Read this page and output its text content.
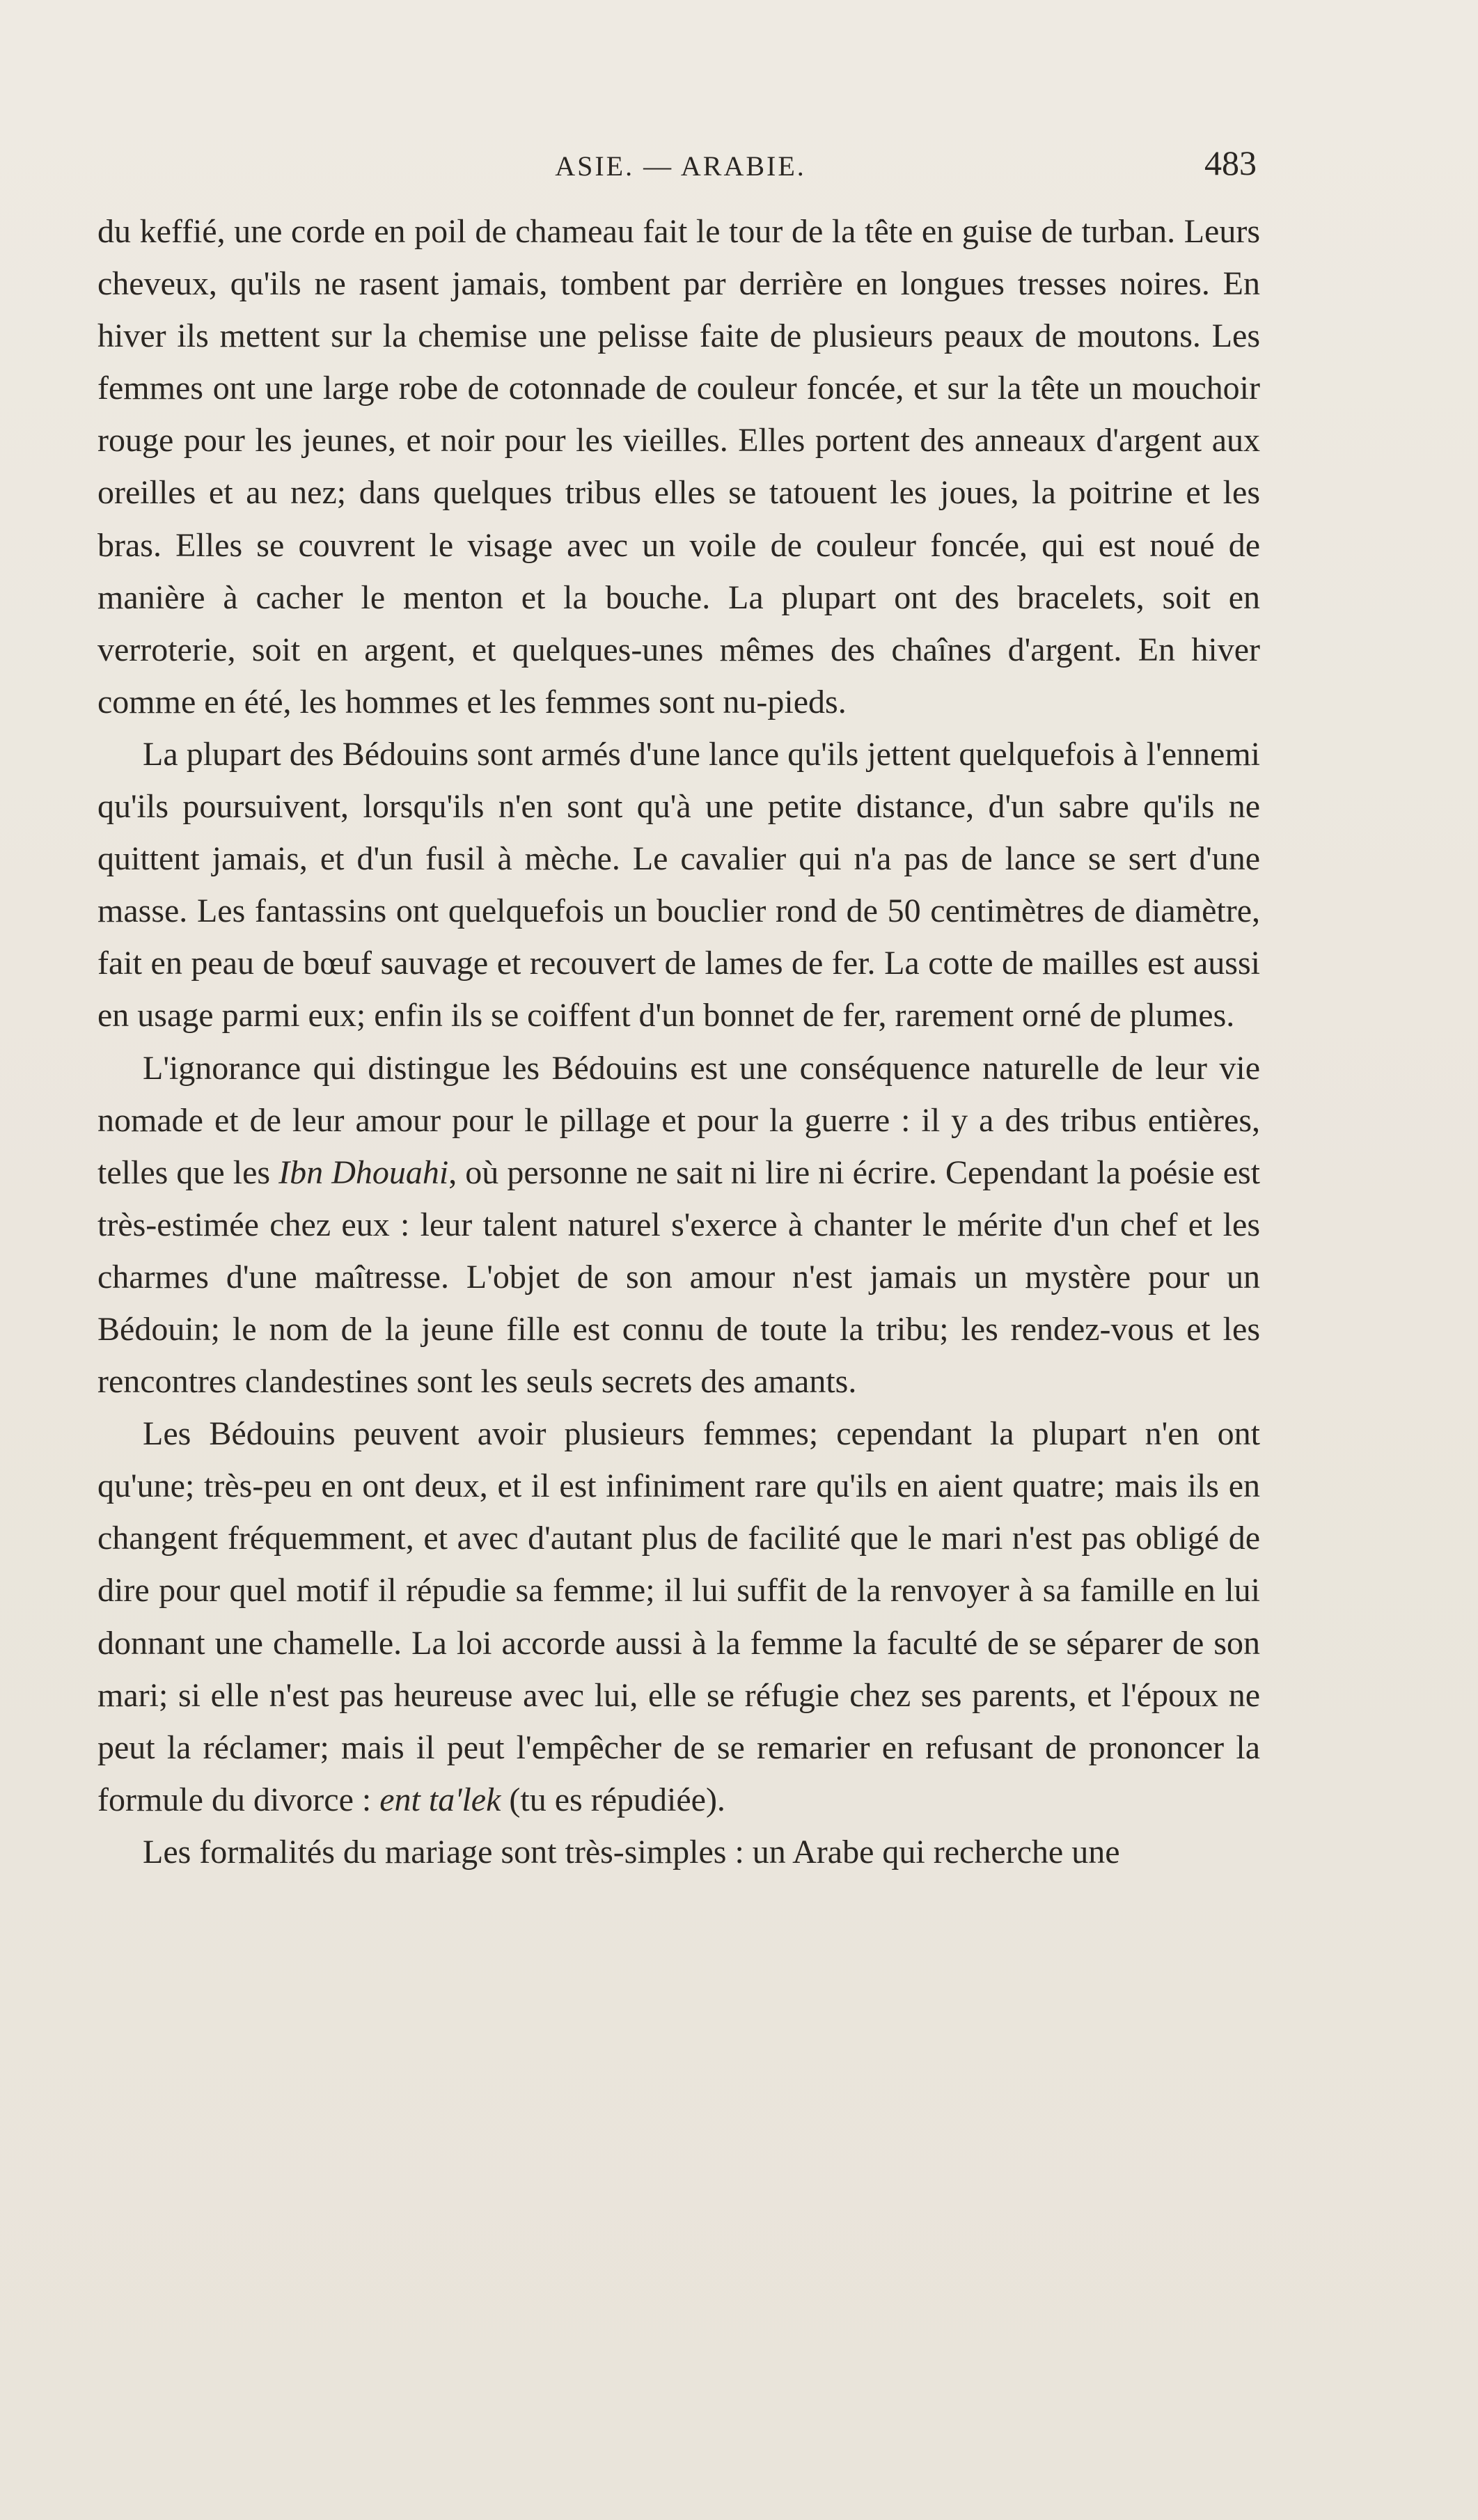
ASIE. — ARABIE.	483

du keffié, une corde en poil de chameau fait le tour de la tête en guise de turban. Leurs cheveux, qu'ils ne rasent jamais, tombent par derrière en longues tresses noires. En hiver ils mettent sur la chemise une pelisse faite de plusieurs peaux de moutons. Les femmes ont une large robe de cotonnade de couleur foncée, et sur la tête un mouchoir rouge pour les jeunes, et noir pour les vieilles. Elles portent des anneaux d'argent aux oreilles et au nez; dans quelques tribus elles se tatouent les joues, la poitrine et les bras. Elles se couvrent le visage avec un voile de couleur foncée, qui est noué de manière à cacher le menton et la bouche. La plupart ont des bracelets, soit en verroterie, soit en argent, et quelques-unes mêmes des chaînes d'argent. En hiver comme en été, les hommes et les femmes sont nu-pieds.

La plupart des Bédouins sont armés d'une lance qu'ils jettent quelquefois à l'ennemi qu'ils poursuivent, lorsqu'ils n'en sont qu'à une petite distance, d'un sabre qu'ils ne quittent jamais, et d'un fusil à mèche. Le cavalier qui n'a pas de lance se sert d'une masse. Les fantassins ont quelquefois un bouclier rond de 50 centimètres de diamètre, fait en peau de bœuf sauvage et recouvert de lames de fer. La cotte de mailles est aussi en usage parmi eux; enfin ils se coiffent d'un bonnet de fer, rarement orné de plumes.

L'ignorance qui distingue les Bédouins est une conséquence naturelle de leur vie nomade et de leur amour pour le pillage et pour la guerre : il y a des tribus entières, telles que les Ibn Dhouahi, où personne ne sait ni lire ni écrire. Cependant la poésie est très-estimée chez eux : leur talent naturel s'exerce à chanter le mérite d'un chef et les charmes d'une maîtresse. L'objet de son amour n'est jamais un mystère pour un Bédouin; le nom de la jeune fille est connu de toute la tribu; les rendez-vous et les rencontres clandestines sont les seuls secrets des amants.

Les Bédouins peuvent avoir plusieurs femmes; cependant la plupart n'en ont qu'une; très-peu en ont deux, et il est infiniment rare qu'ils en aient quatre; mais ils en changent fréquemment, et avec d'autant plus de facilité que le mari n'est pas obligé de dire pour quel motif il répudie sa femme; il lui suffit de la renvoyer à sa famille en lui donnant une chamelle. La loi accorde aussi à la femme la faculté de se séparer de son mari; si elle n'est pas heureuse avec lui, elle se réfugie chez ses parents, et l'époux ne peut la réclamer; mais il peut l'empêcher de se remarier en refusant de prononcer la formule du divorce : ent ta'lek (tu es répudiée).

Les formalités du mariage sont très-simples : un Arabe qui recherche une
